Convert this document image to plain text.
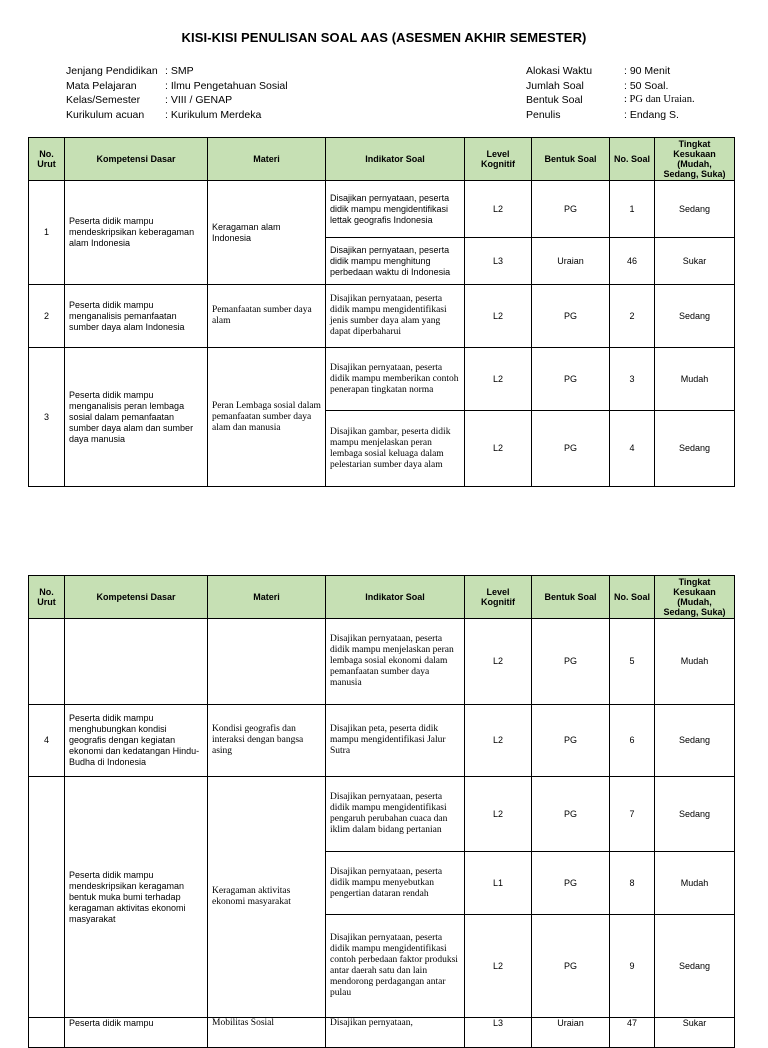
KISI-KISI PENULISAN SOAL AAS (ASESMEN AKHIR SEMESTER)
Jenjang Pendidikan : SMP
Mata Pelajaran	: Ilmu Pengetahuan Sosial
Kelas/Semester	: VIII / GENAP
Kurikulum acuan	: Kurikulum Merdeka
Alokasi Waktu	: 90 Menit
Jumlah Soal	: 50 Soal.
Bentuk Soal	: PG dan Uraian.
Penulis	: Endang S.
No. Urut	Kompetensi Dasar	Materi	Indikator Soal	Level Kognitif	Bentuk Soal	No. Soal	Tingkat Kesukaan (Mudah, Sedang, Suka)
1	Peserta didik mampu mendeskripsikan keberagaman alam Indonesia	Keragaman alam Indonesia	Disajikan pernyataan, peserta didik mampu mengidentifikasi lettak geografis Indonesia	L2	PG	1	Sedang
			Disajikan pernyataan, peserta didik mampu menghitung perbedaan waktu di Indonesia	L3	Uraian	46	Sukar
2	Peserta didik mampu menganalisis pemanfaatan sumber daya alam Indonesia	Pemanfaatan sumber daya alam	Disajikan pernyataan, peserta didik mampu mengidentifikasi jenis sumber daya alam yang dapat diperbaharui	L2	PG	2	Sedang
3	Peserta didik mampu menganalisis peran lembaga sosial dalam pemanfaatan sumber daya alam dan sumber daya manusia	Peran Lembaga sosial dalam pemanfaatan sumber daya alam dan manusia	Disajikan pernyataan, peserta didik mampu memberikan contoh penerapan tingkatan norma	L2	PG	3	Mudah
			Disajikan gambar, peserta didik mampu menjelaskan peran lembaga sosial keluaga dalam pelestarian sumber daya alam	L2	PG	4	Sedang
No. Urut	Kompetensi Dasar	Materi	Indikator Soal	Level Kognitif	Bentuk Soal	No. Soal	Tingkat Kesukaan (Mudah, Sedang, Suka)
			Disajikan pernyataan, peserta didik mampu menjelaskan peran lembaga sosial ekonomi dalam pemanfaatan sumber daya manusia	L2	PG	5	Mudah
4	Peserta didik mampu menghubungkan kondisi geografis dengan kegiatan ekonomi dan kedatangan Hindu-Budha di Indonesia	Kondisi geografis dan interaksi dengan bangsa asing	Disajikan peta, peserta didik mampu mengidentifikasi Jalur Sutra	L2	PG	6	Sedang
	Peserta didik mampu mendeskripsikan keragaman bentuk muka bumi terhadap keragaman aktivitas ekonomi masyarakat	Keragaman aktivitas ekonomi masyarakat	Disajikan pernyataan, peserta didik mampu mengidentifikasi pengaruh perubahan cuaca dan iklim dalam bidang pertanian	L2	PG	7	Sedang
			Disajikan pernyataan, peserta didik mampu menyebutkan pengertian dataran rendah	L1	PG	8	Mudah
			Disajikan pernyataan, peserta didik mampu mengidentifikasi contoh perbedaan faktor produksi antar daerah satu dan lain mendorong perdagangan antar pulau	L2	PG	9	Sedang
	Peserta didik mampu	Mobilitas Sosial	Disajikan pernyataan,	L3	Uraian	47	Sukar
